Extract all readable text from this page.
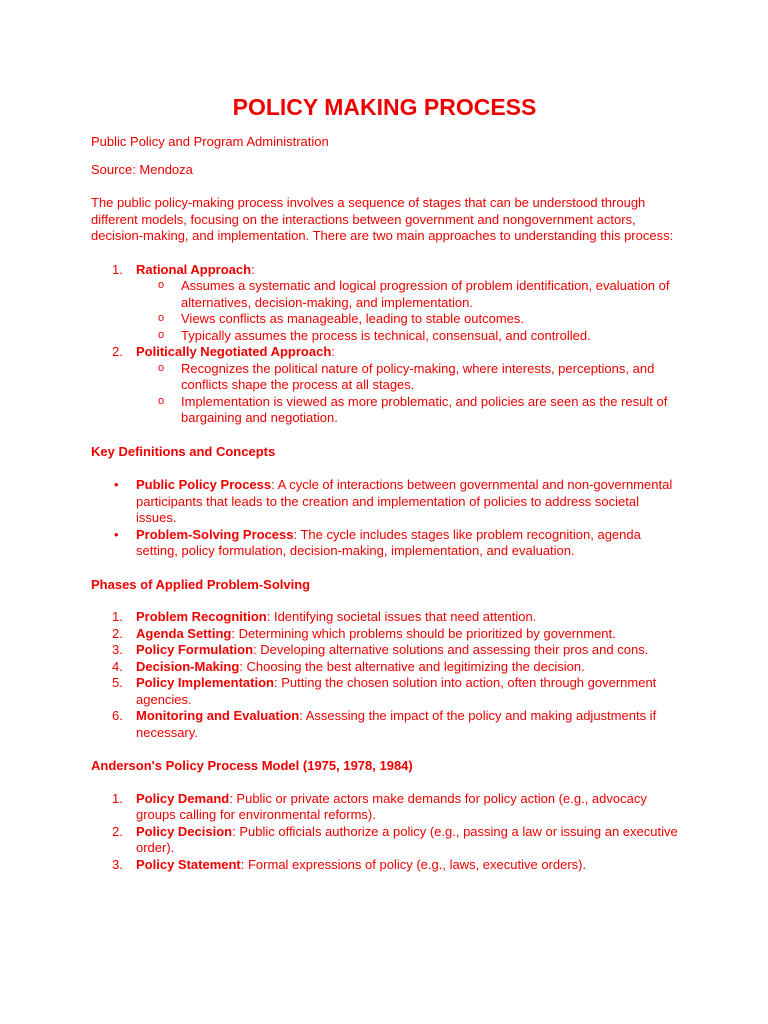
POLICY MAKING PROCESS

Public Policy and Program Administration

Source: Mendoza

The public policy-making process involves a sequence of stages that can be understood through different models, focusing on the interactions between government and nongovernment actors, decision-making, and implementation. There are two main approaches to understanding this process:

1. Rational Approach:
o Assumes a systematic and logical progression of problem identification, evaluation of alternatives, decision-making, and implementation.
o Views conflicts as manageable, leading to stable outcomes.
o Typically assumes the process is technical, consensual, and controlled.
2. Politically Negotiated Approach:
o Recognizes the political nature of policy-making, where interests, perceptions, and conflicts shape the process at all stages.
o Implementation is viewed as more problematic, and policies are seen as the result of bargaining and negotiation.

Key Definitions and Concepts

• Public Policy Process: A cycle of interactions between governmental and non-governmental participants that leads to the creation and implementation of policies to address societal issues.
• Problem-Solving Process: The cycle includes stages like problem recognition, agenda setting, policy formulation, decision-making, implementation, and evaluation.

Phases of Applied Problem-Solving

1. Problem Recognition: Identifying societal issues that need attention.
2. Agenda Setting: Determining which problems should be prioritized by government.
3. Policy Formulation: Developing alternative solutions and assessing their pros and cons.
4. Decision-Making: Choosing the best alternative and legitimizing the decision.
5. Policy Implementation: Putting the chosen solution into action, often through government agencies.
6. Monitoring and Evaluation: Assessing the impact of the policy and making adjustments if necessary.

Anderson's Policy Process Model (1975, 1978, 1984)

1. Policy Demand: Public or private actors make demands for policy action (e.g., advocacy groups calling for environmental reforms).
2. Policy Decision: Public officials authorize a policy (e.g., passing a law or issuing an executive order).
3. Policy Statement: Formal expressions of policy (e.g., laws, executive orders).
